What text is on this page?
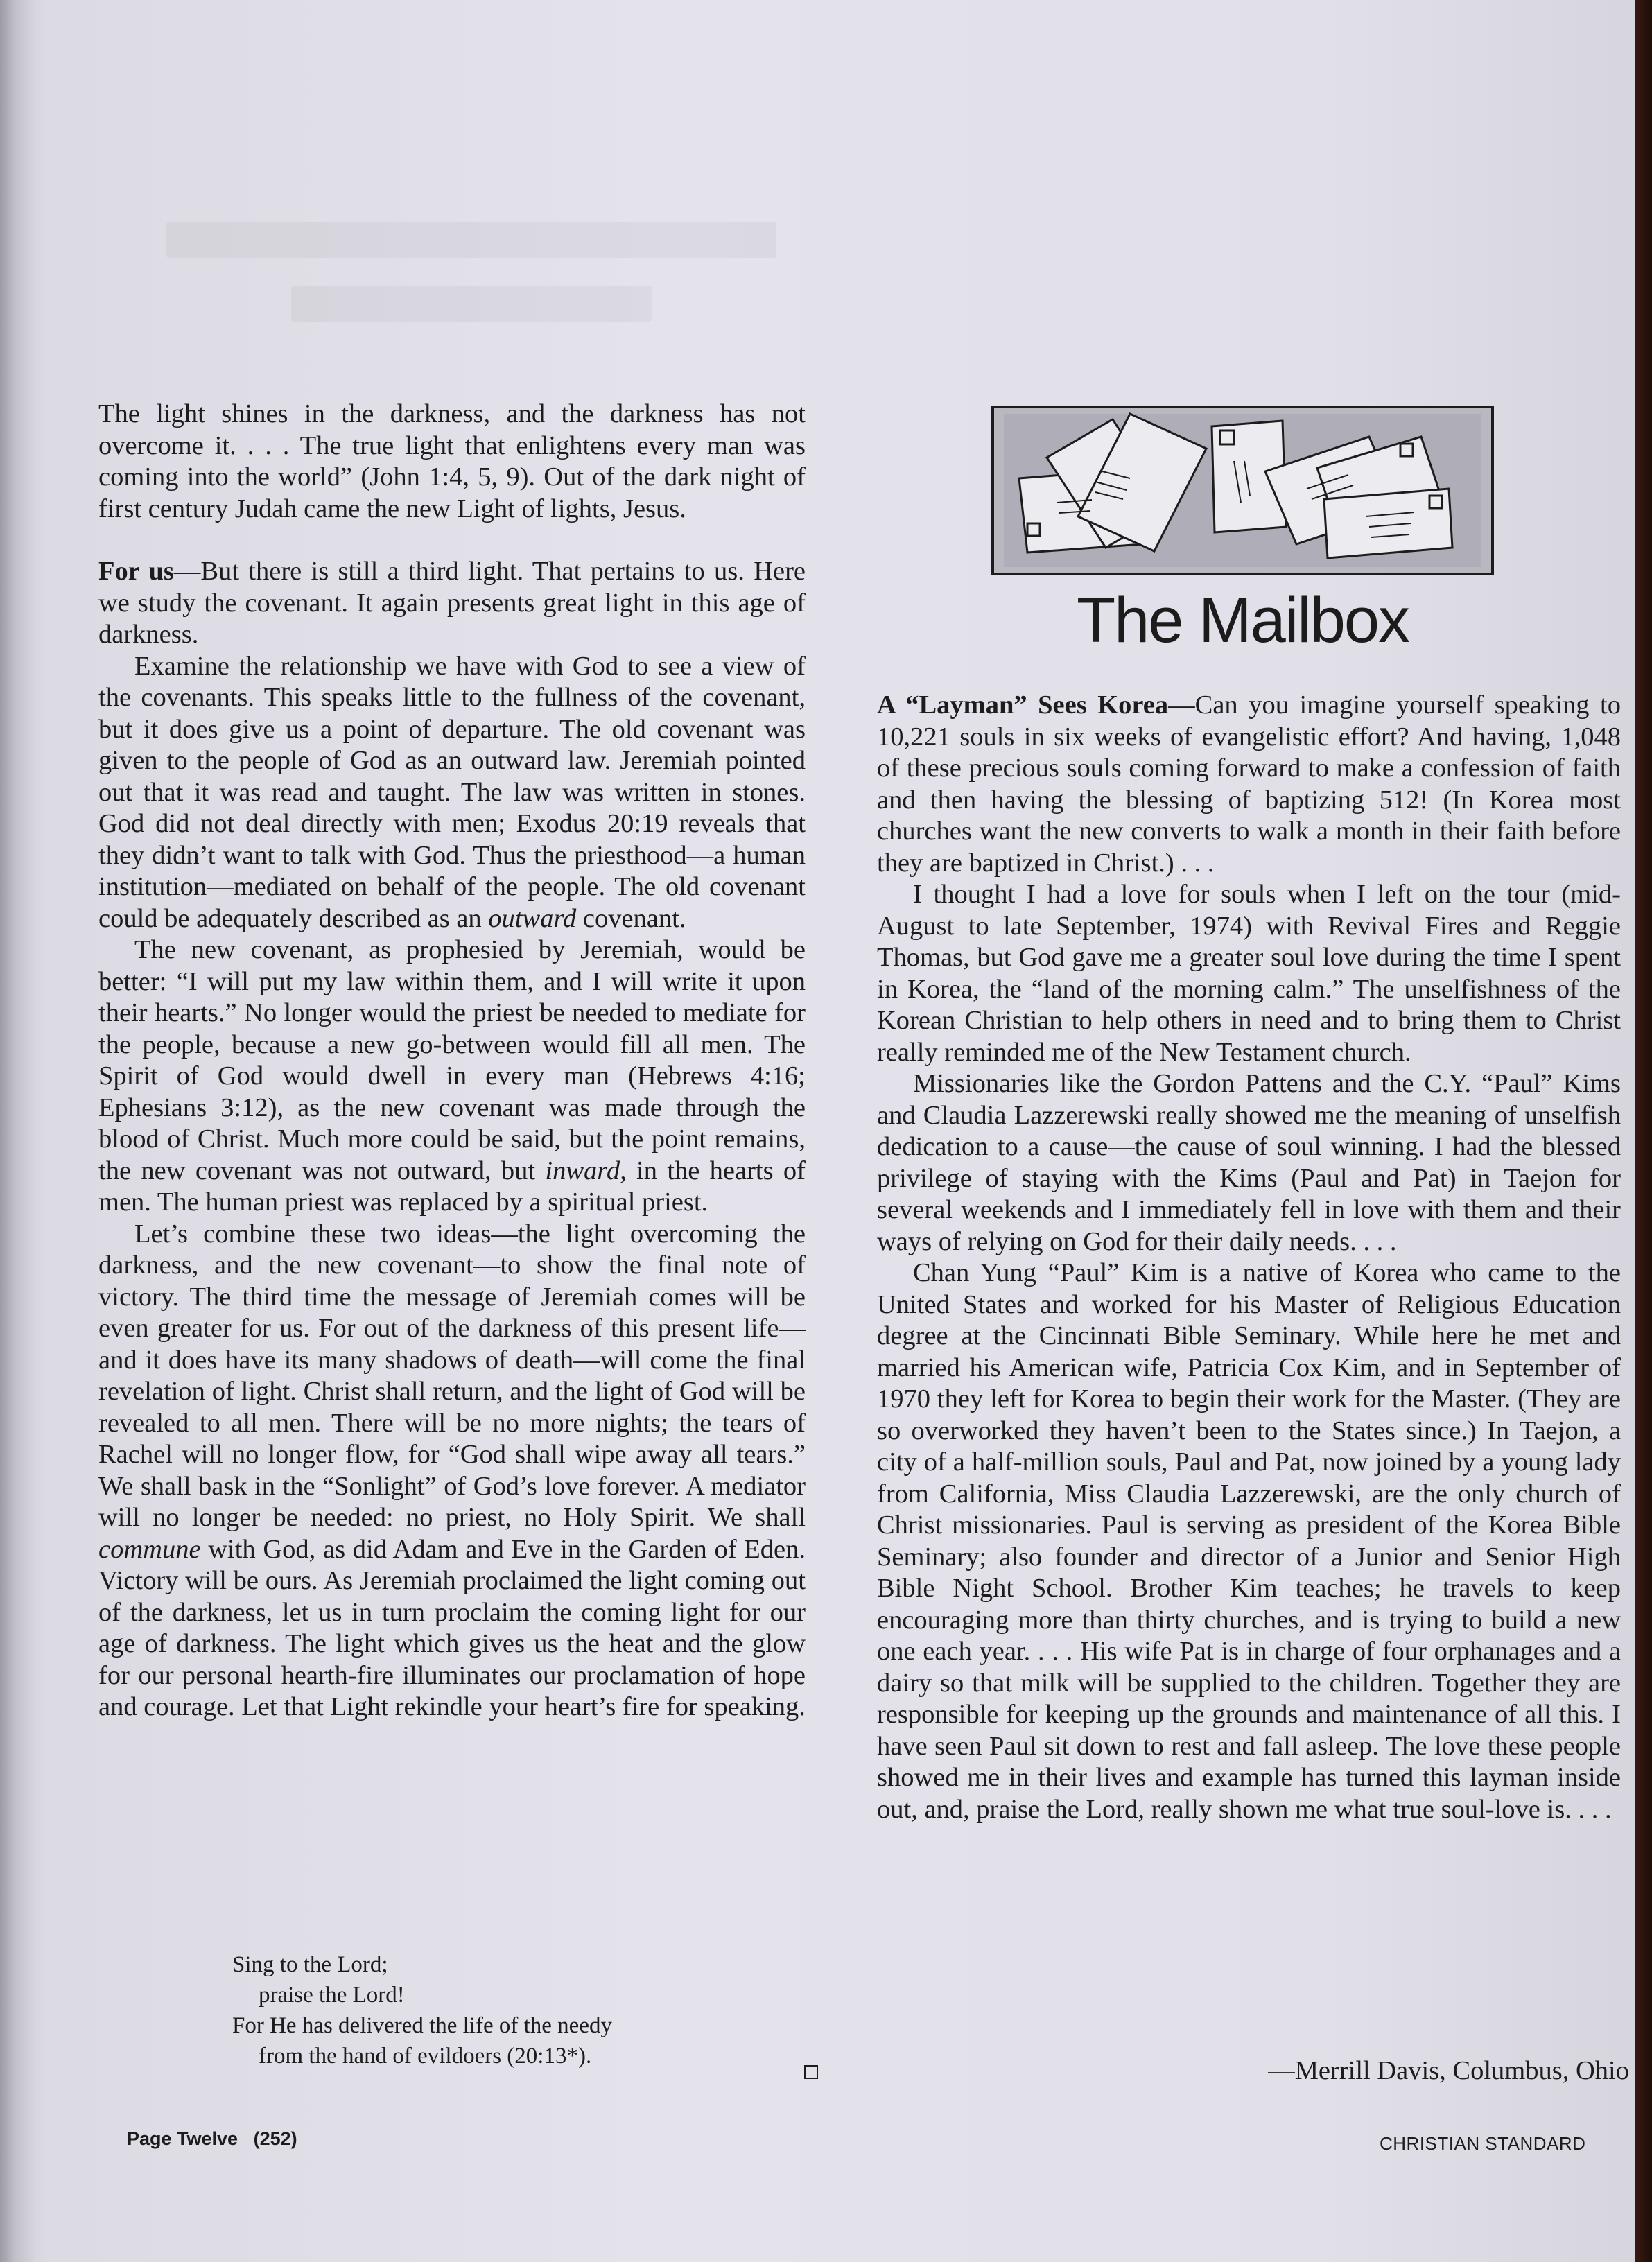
The light shines in the darkness, and the darkness has not overcome it. . . . The true light that enlightens every man was coming into the world” (John 1:4, 5, 9). Out of the dark night of first century Judah came the new Light of lights, Jesus.

For us—But there is still a third light. That pertains to us. Here we study the covenant. It again presents great light in this age of darkness.

Examine the relationship we have with God to see a view of the covenants. This speaks little to the fullness of the covenant, but it does give us a point of departure. The old covenant was given to the people of God as an outward law. Jeremiah pointed out that it was read and taught. The law was written in stones. God did not deal directly with men; Exodus 20:19 reveals that they didn’t want to talk with God. Thus the priesthood—a human institution—mediated on behalf of the people. The old covenant could be adequately described as an outward covenant.

The new covenant, as prophesied by Jeremiah, would be better: “I will put my law within them, and I will write it upon their hearts.” No longer would the priest be needed to mediate for the people, because a new go-between would fill all men. The Spirit of God would dwell in every man (Hebrews 4:16; Ephesians 3:12), as the new covenant was made through the blood of Christ. Much more could be said, but the point remains, the new covenant was not outward, but inward, in the hearts of men. The human priest was replaced by a spiritual priest.

Let’s combine these two ideas—the light overcoming the darkness, and the new covenant—to show the final note of victory. The third time the message of Jeremiah comes will be even greater for us. For out of the darkness of this present life—and it does have its many shadows of death—will come the final revelation of light. Christ shall return, and the light of God will be revealed to all men. There will be no more nights; the tears of Rachel will no longer flow, for “God shall wipe away all tears.” We shall bask in the “Sonlight” of God’s love forever. A mediator will no longer be needed: no priest, no Holy Spirit. We shall commune with God, as did Adam and Eve in the Garden of Eden. Victory will be ours. As Jeremiah proclaimed the light coming out of the darkness, let us in turn proclaim the coming light for our age of darkness. The light which gives us the heat and the glow for our personal hearth-fire illuminates our proclamation of hope and courage. Let that Light rekindle your heart’s fire for speaking.

Sing to the Lord;
praise the Lord!
For He has delivered the life of the needy
from the hand of evildoers (20:13*).
The Mailbox

A “Layman” Sees Korea—Can you imagine yourself speaking to 10,221 souls in six weeks of evangelistic effort? And having, 1,048 of these precious souls coming forward to make a confession of faith and then having the blessing of baptizing 512! (In Korea most churches want the new converts to walk a month in their faith before they are baptized in Christ.) . . .

I thought I had a love for souls when I left on the tour (mid-August to late September, 1974) with Revival Fires and Reggie Thomas, but God gave me a greater soul love during the time I spent in Korea, the “land of the morning calm.” The unselfishness of the Korean Christian to help others in need and to bring them to Christ really reminded me of the New Testament church.

Missionaries like the Gordon Pattens and the C.Y. “Paul” Kims and Claudia Lazzerewski really showed me the meaning of unselfish dedication to a cause—the cause of soul winning. I had the blessed privilege of staying with the Kims (Paul and Pat) in Taejon for several weekends and I immediately fell in love with them and their ways of relying on God for their daily needs. . . .

Chan Yung “Paul” Kim is a native of Korea who came to the United States and worked for his Master of Religious Education degree at the Cincinnati Bible Seminary. While here he met and married his American wife, Patricia Cox Kim, and in September of 1970 they left for Korea to begin their work for the Master. (They are so overworked they haven’t been to the States since.) In Taejon, a city of a half-million souls, Paul and Pat, now joined by a young lady from California, Miss Claudia Lazzerewski, are the only church of Christ missionaries. Paul is serving as president of the Korea Bible Seminary; also founder and director of a Junior and Senior High Bible Night School. Brother Kim teaches; he travels to keep encouraging more than thirty churches, and is trying to build a new one each year. . . . His wife Pat is in charge of four orphanages and a dairy so that milk will be supplied to the children. Together they are responsible for keeping up the grounds and maintenance of all this. I have seen Paul sit down to rest and fall asleep. The love these people showed me in their lives and example has turned this layman inside out, and, praise the Lord, really shown me what true soul-love is. . . .

—Merrill Davis, Columbus, Ohio
Page Twelve   (252)	CHRISTIAN STANDARD
